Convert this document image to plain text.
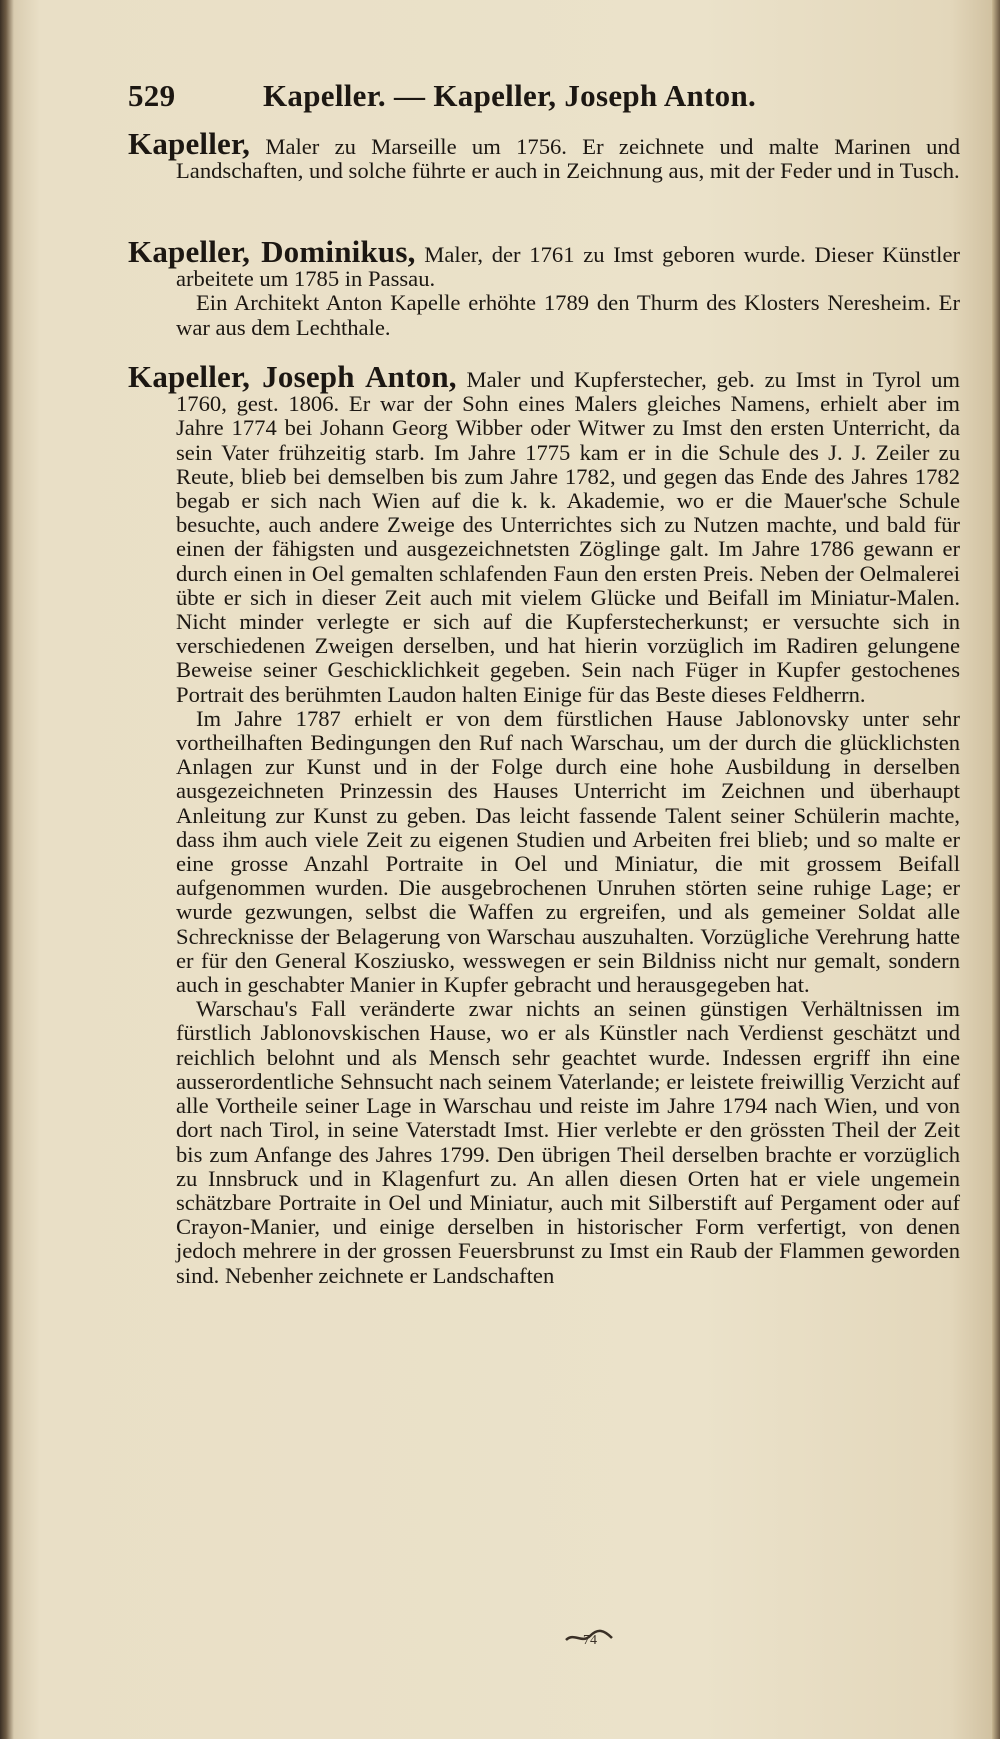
529	Kapeller. — Kapeller, Joseph Anton.

Kapeller, Maler zu Marseille um 1756. Er zeichnete und malte Marinen und Landschaften, und solche führte er auch in Zeichnung aus, mit der Feder und in Tusch.

Kapeller, Dominikus, Maler, der 1761 zu Imst geboren wurde. Dieser Künstler arbeitete um 1785 in Passau.

Ein Architekt Anton Kapelle erhöhte 1789 den Thurm des Klosters Neresheim. Er war aus dem Lechthale.

Kapeller, Joseph Anton, Maler und Kupferstecher, geb. zu Imst in Tyrol um 1760, gest. 1806. Er war der Sohn eines Malers gleiches Namens, erhielt aber im Jahre 1774 bei Johann Georg Wibber oder Witwer zu Imst den ersten Unterricht, da sein Vater frühzeitig starb. Im Jahre 1775 kam er in die Schule des J. J. Zeiler zu Reute, blieb bei demselben bis zum Jahre 1782, und gegen das Ende des Jahres 1782 begab er sich nach Wien auf die k. k. Akademie, wo er die Mauer'sche Schule besuchte, auch andere Zweige des Unterrichtes sich zu Nutzen machte, und bald für einen der fähigsten und ausgezeichnetsten Zöglinge galt. Im Jahre 1786 gewann er durch einen in Oel gemalten schlafenden Faun den ersten Preis. Neben der Oelmalerei übte er sich in dieser Zeit auch mit vielem Glücke und Beifall im Miniatur-Malen. Nicht minder verlegte er sich auf die Kupferstecherkunst; er versuchte sich in verschiedenen Zweigen derselben, und hat hierin vorzüglich im Radiren gelungene Beweise seiner Geschicklichkeit gegeben. Sein nach Füger in Kupfer gestochenes Portrait des berühmten Laudon halten Einige für das Beste dieses Feldherrn.

Im Jahre 1787 erhielt er von dem fürstlichen Hause Jablonovsky unter sehr vortheilhaften Bedingungen den Ruf nach Warschau, um der durch die glücklichsten Anlagen zur Kunst und in der Folge durch eine hohe Ausbildung in derselben ausgezeichneten Prinzessin des Hauses Unterricht im Zeichnen und überhaupt Anleitung zur Kunst zu geben. Das leicht fassende Talent seiner Schülerin machte, dass ihm auch viele Zeit zu eigenen Studien und Arbeiten frei blieb; und so malte er eine grosse Anzahl Portraite in Oel und Miniatur, die mit grossem Beifall aufgenommen wurden. Die ausgebrochenen Unruhen störten seine ruhige Lage; er wurde gezwungen, selbst die Waffen zu ergreifen, und als gemeiner Soldat alle Schrecknisse der Belagerung von Warschau auszuhalten. Vorzügliche Verehrung hatte er für den General Kosziusko, wesswegen er sein Bildniss nicht nur gemalt, sondern auch in geschabter Manier in Kupfer gebracht und herausgegeben hat.

Warschau's Fall veränderte zwar nichts an seinen günstigen Verhältnissen im fürstlich Jablonovskischen Hause, wo er als Künstler nach Verdienst geschätzt und reichlich belohnt und als Mensch sehr geachtet wurde. Indessen ergriff ihn eine ausserordentliche Sehnsucht nach seinem Vaterlande; er leistete freiwillig Verzicht auf alle Vortheile seiner Lage in Warschau und reiste im Jahre 1794 nach Wien, und von dort nach Tirol, in seine Vaterstadt Imst. Hier verlebte er den grössten Theil der Zeit bis zum Anfange des Jahres 1799. Den übrigen Theil derselben brachte er vorzüglich zu Innsbruck und in Klagenfurt zu. An allen diesen Orten hat er viele ungemein schätzbare Portraite in Oel und Miniatur, auch mit Silberstift auf Pergament oder auf Crayon-Manier, und einige derselben in historischer Form verfertigt, von denen jedoch mehrere in der grossen Feuersbrunst zu Imst ein Raub der Flammen geworden sind. Nebenher zeichnete er Landschaften

74
